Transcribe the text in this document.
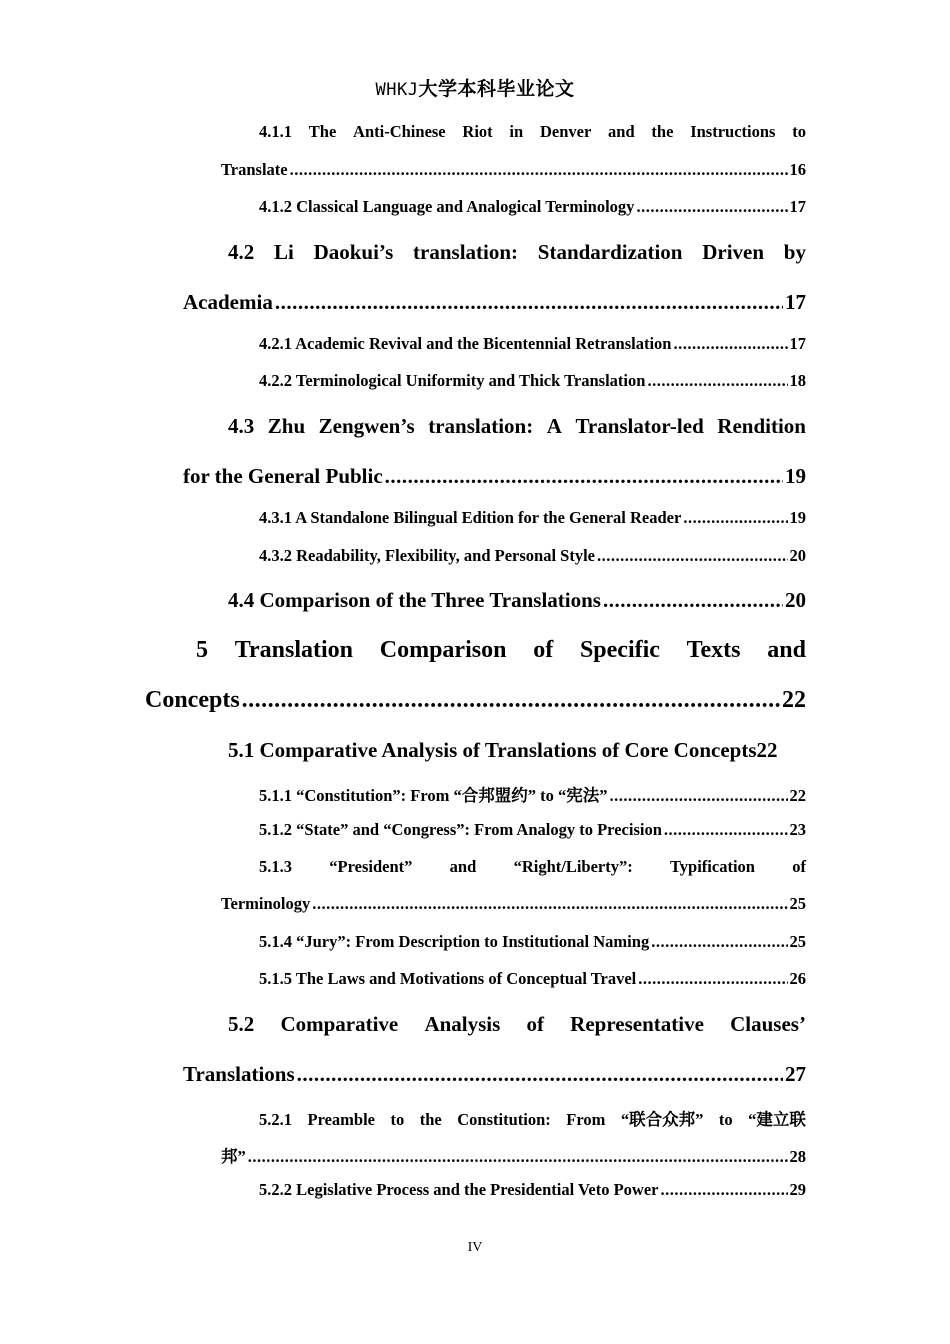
WHKJ大学本科毕业论文
4.1.1 The Anti-Chinese Riot in Denver and the Instructions to
Translate .....	16
4.1.2 Classical Language and Analogical Terminology .....	17
4.2 Li Daokui’s translation: Standardization Driven by
Academia .....	17
4.2.1 Academic Revival and the Bicentennial Retranslation .....	17
4.2.2 Terminological Uniformity and Thick Translation .....	18
4.3 Zhu Zengwen’s translation: A Translator-led Rendition
for the General Public .....	19
4.3.1 A Standalone Bilingual Edition for the General Reader .....	19
4.3.2 Readability, Flexibility, and Personal Style .....	20
4.4 Comparison of the Three Translations .....	20
5 Translation Comparison of Specific Texts and
Concepts .....	22
5.1 Comparative Analysis of Translations of Core Concepts22
5.1.1 “Constitution”: From “合邦盟约” to “宪法” .....	22
5.1.2 “State” and “Congress”: From Analogy to Precision .....	23
5.1.3 “President” and “Right/Liberty”: Typification of
Terminology .....	25
5.1.4 “Jury”: From Description to Institutional Naming .....	25
5.1.5 The Laws and Motivations of Conceptual Travel .....	26
5.2 Comparative Analysis of Representative Clauses’
Translations .....	27
5.2.1 Preamble to the Constitution: From “联合众邦” to “建立联
邦” .....	28
5.2.2 Legislative Process and the Presidential Veto Power .....	29
IV
